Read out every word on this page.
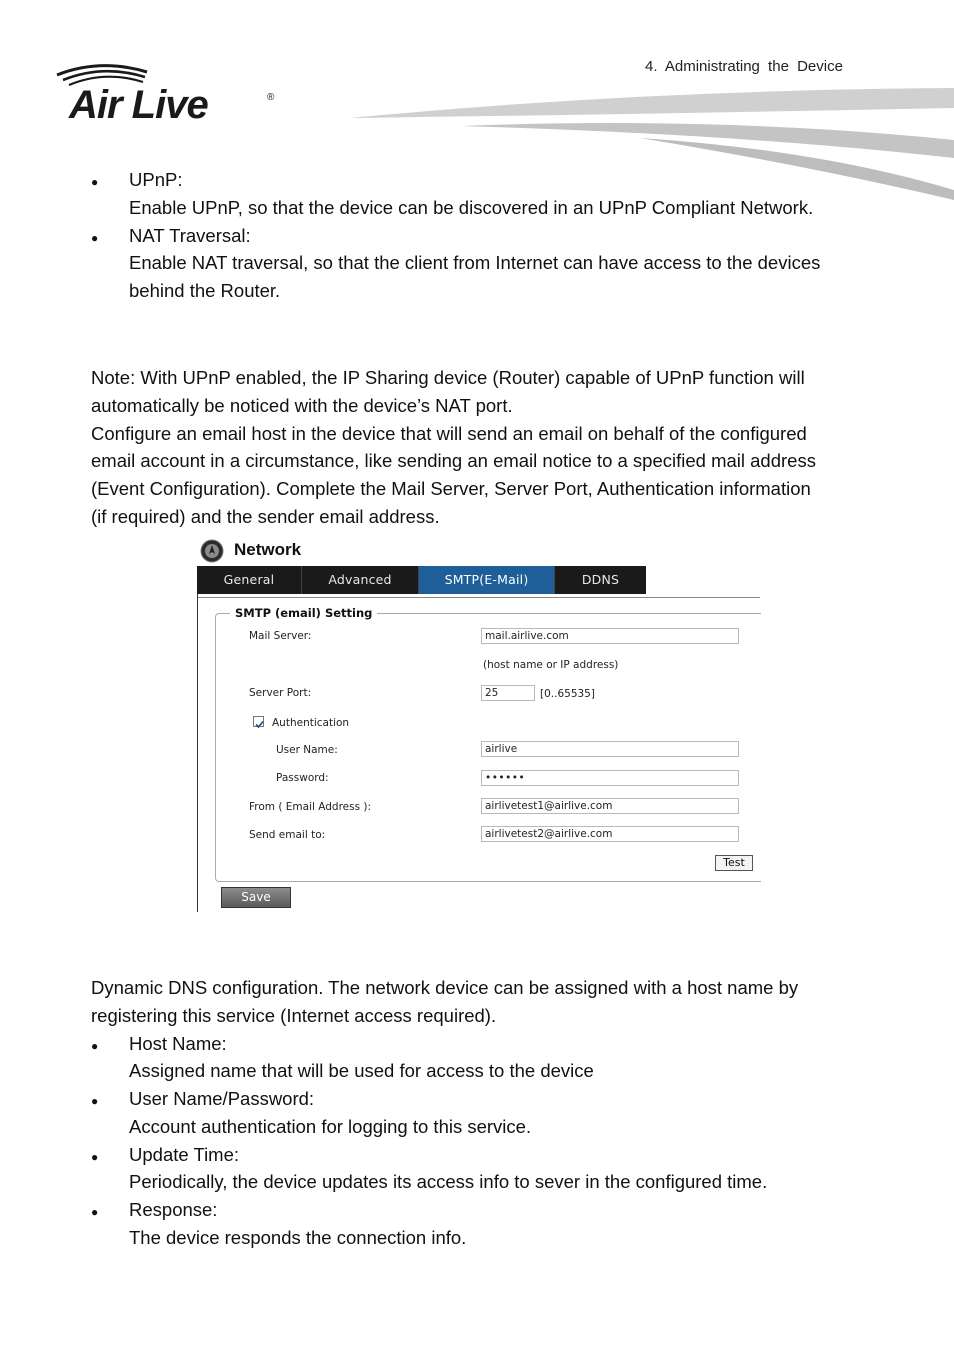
4. Administrating the Device
Air Live	®
● UPnP:
Enable UPnP, so that the device can be discovered in an UPnP Compliant Network.
● NAT Traversal:
Enable NAT traversal, so that the client from Internet can have access to the devices
behind the Router.
Note: With UPnP enabled, the IP Sharing device (Router) capable of UPnP function will
automatically be noticed with the device’s NAT port.
Configure an email host in the device that will send an email on behalf of the configured
email account in a circumstance, like sending an email notice to a specified mail address
(Event Configuration). Complete the Mail Server, Server Port, Authentication information
(if required) and the sender email address.
Network
General	Advanced	SMTP(E-Mail)	DDNS
SMTP (email) Setting
Mail Server:	mail.airlive.com
(host name or IP address)
Server Port:	25	[0..65535]
Authentication
User Name:	airlive
Password:	••••••
From ( Email Address ):	airlivetest1@airlive.com
Send email to:	airlivetest2@airlive.com
Test
Save
Dynamic DNS configuration. The network device can be assigned with a host name by
registering this service (Internet access required).
● Host Name:
Assigned name that will be used for access to the device
● User Name/Password:
Account authentication for logging to this service.
● Update Time:
Periodically, the device updates its access info to sever in the configured time.
● Response:
The device responds the connection info.
